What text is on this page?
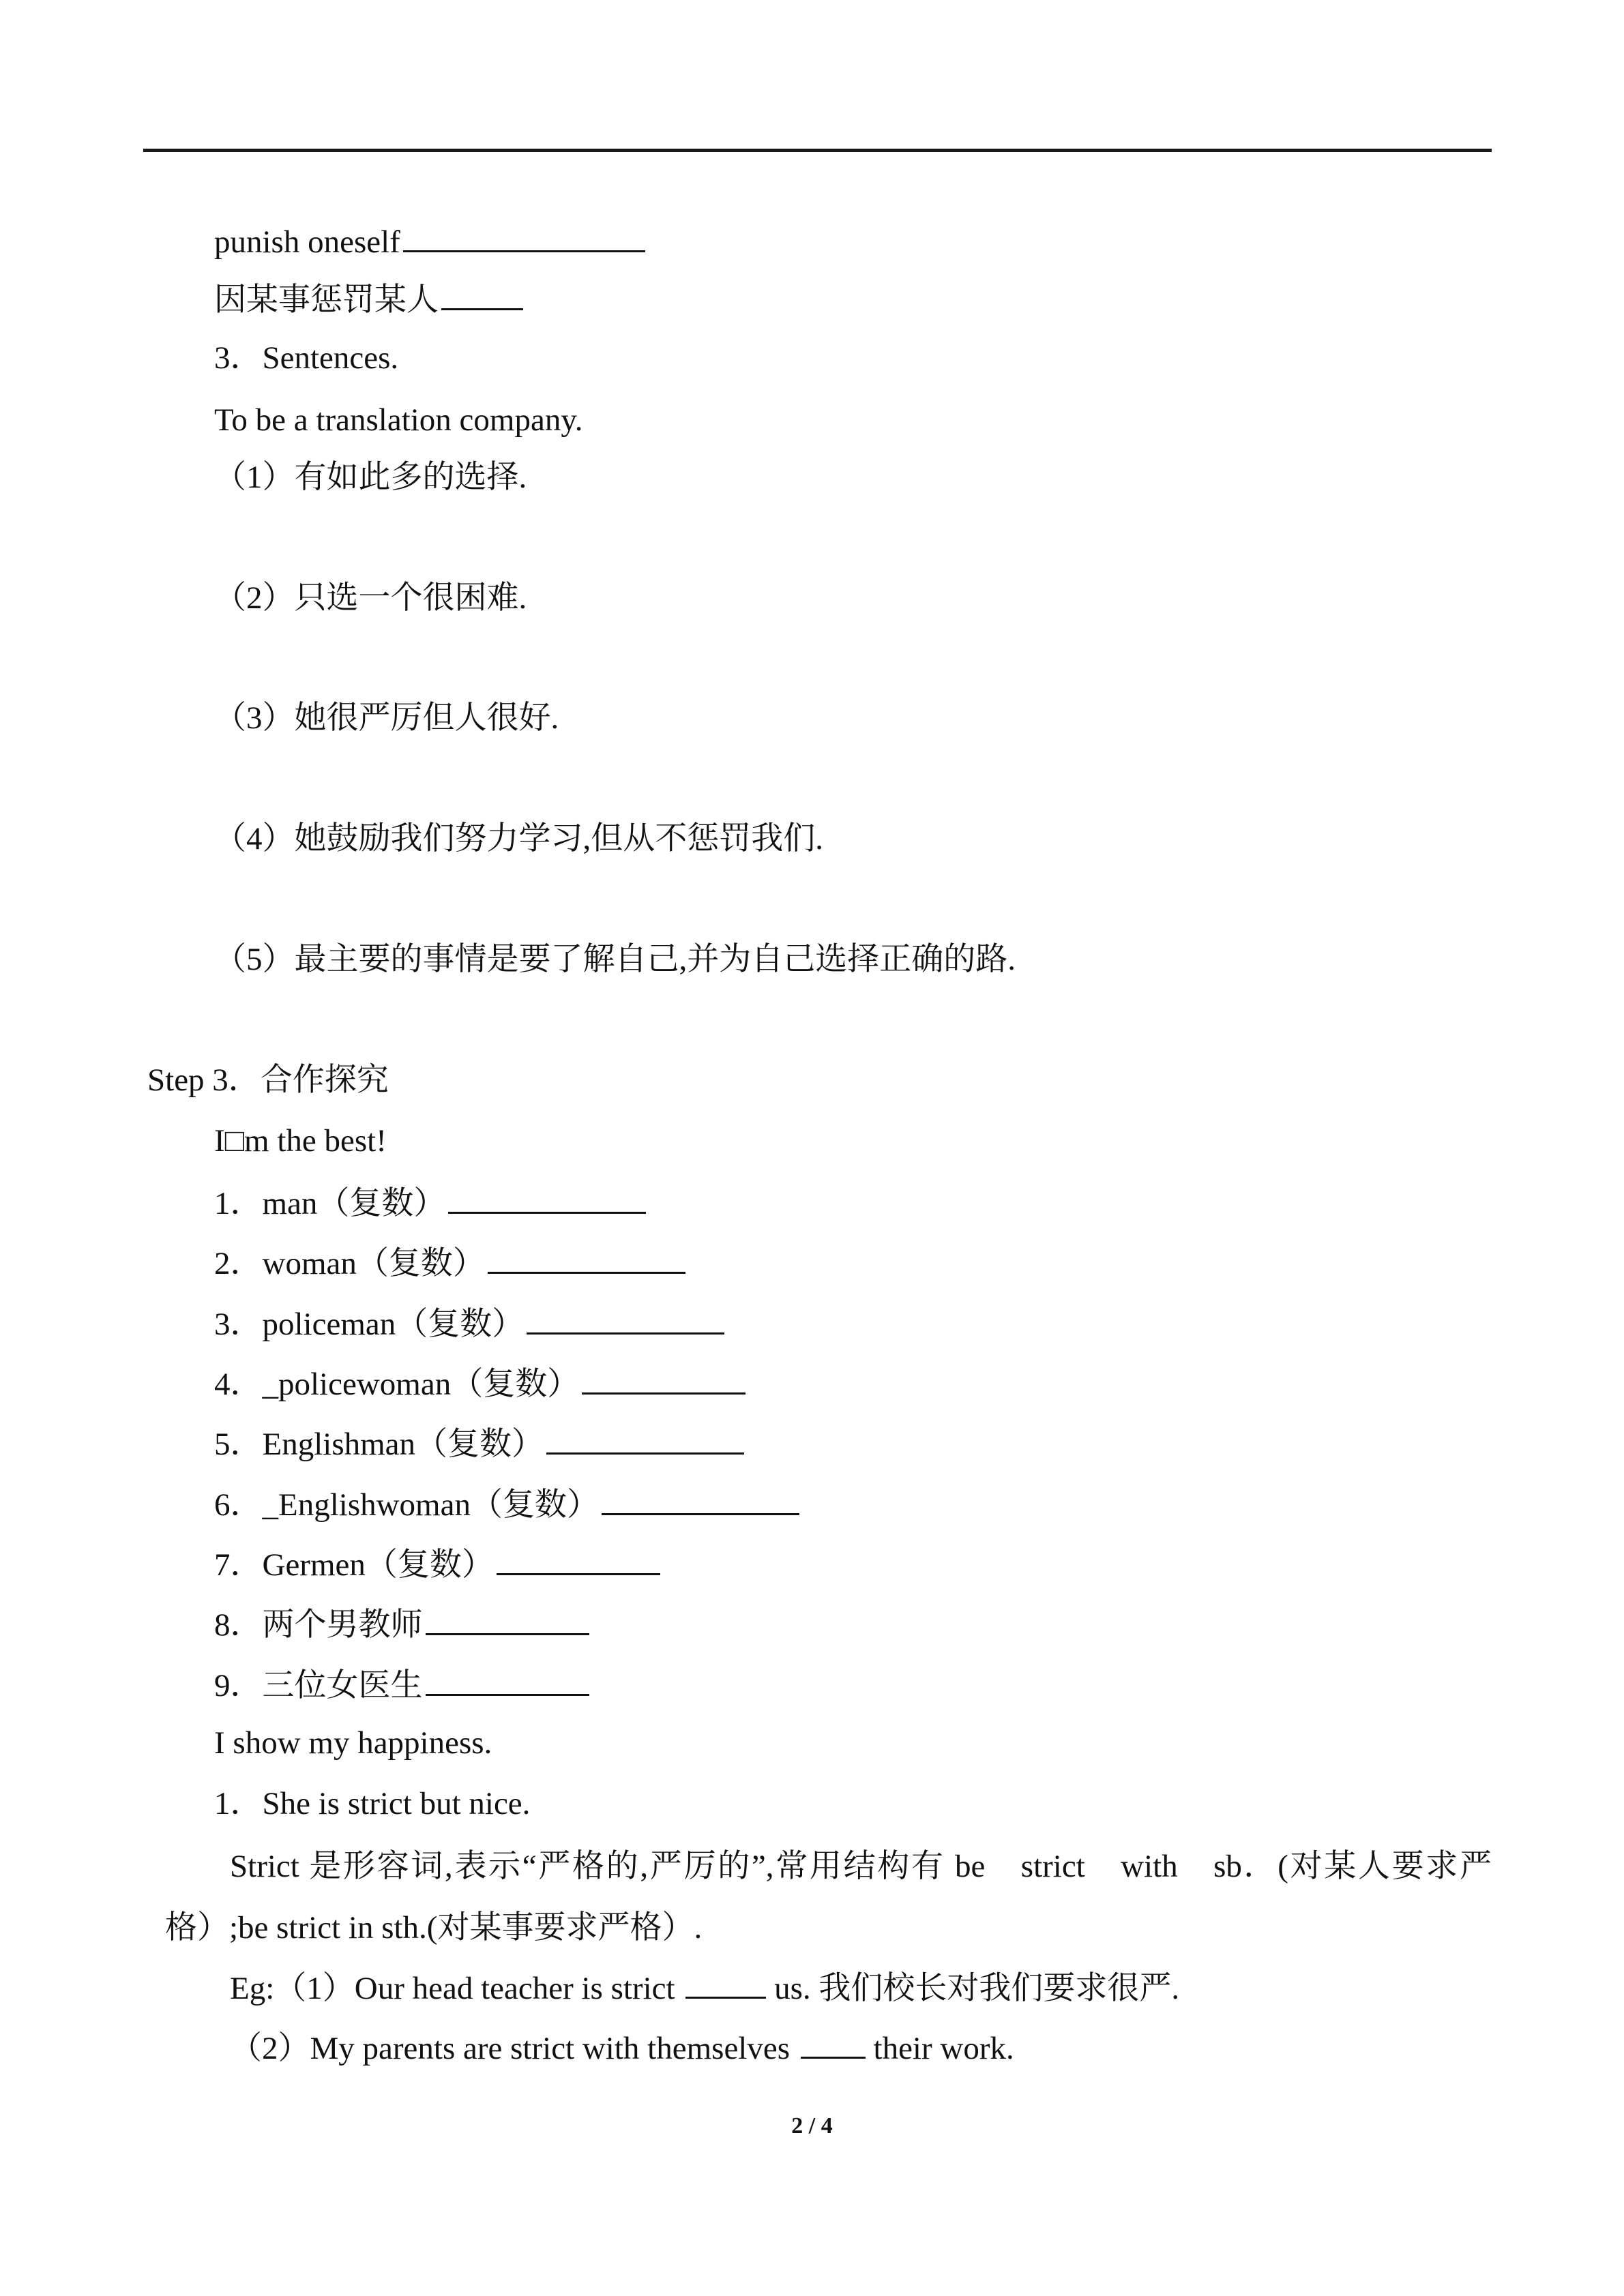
punish oneself
因某事惩罚某人
3．Sentences.
To be a translation company.
（1）有如此多的选择.
（2）只选一个很困难.
（3）她很严厉但人很好.
（4）她鼓励我们努力学习,但从不惩罚我们.
（5）最主要的事情是要了解自己,并为自己选择正确的路.
Step 3．合作探究
I□m the best!
1．man（复数）
2．woman（复数）
3．policeman（复数）
4．_policewoman（复数）
5．Englishman（复数）
6．_Englishwoman（复数）
7．Germen（复数）
8．两个男教师
9．三位女医生
I show my happiness.
1．She is strict but nice.
Strict 是形容词,表示“严格的,严厉的”,常用结构有 be　strict　with　sb．(对某人要求严格）;be strict in sth.(对某事要求严格）.
Eg:（1）Our head teacher is strict	us. 我们校长对我们要求很严.
（2）My parents are strict with themselves	their work.
2 / 4
